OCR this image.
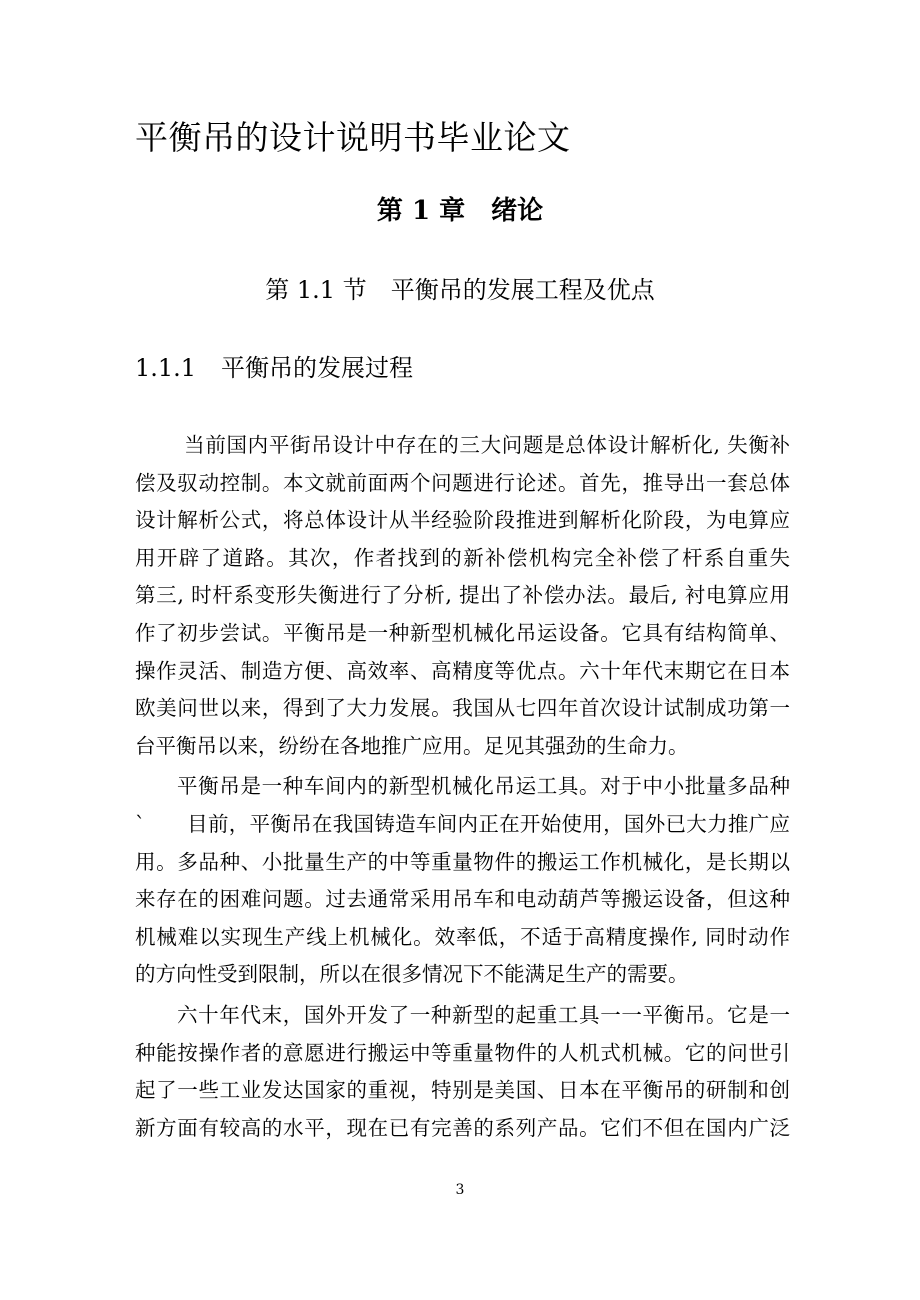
平衡吊的设计说明书毕业论文
第 1 章　绪论
第 1.1 节　平衡吊的发展工程及优点
1.1.1 平衡吊的发展过程
　当前国内平街吊设计中存在的三大问题是总体设计解析化, 失衡补
偿及驭动控制。本文就前面两个问题进行论述。首先，推导出一套总体
设计解析公式，将总体设计从半经验阶段推进到解析化阶段，为电算应
用开辟了道路。其次，作者找到的新补偿机构完全补偿了杆系自重失
第三, 时杆系变形失衡进行了分析, 提出了补偿办法。最后, 衬电算应用
作了初步尝试。平衡吊是一种新型机械化吊运设备。它具有结构简单、
操作灵活、制造方便、高效率、高精度等优点。六十年代末期它在日本
欧美问世以来，得到了大力发展。我国从七四年首次设计试制成功第一
台平衡吊以来，纷纷在各地推广应用。足见其强劲的生命力。
平衡吊是一种车间内的新型机械化吊运工具。对于中小批量多品种
`　　目前，平衡吊在我国铸造车间内正在开始使用，国外已大力推广应
用。多品种、小批量生产的中等重量物件的搬运工作机械化，是长期以
来存在的困难问题。过去通常采用吊车和电动葫芦等搬运设备，但这种
机械难以实现生产线上机械化。效率低，不适于高精度操作, 同时动作
的方向性受到限制，所以在很多情况下不能满足生产的需要。
六十年代末，国外开发了一种新型的起重工具一一平衡吊。它是一
种能按操作者的意愿进行搬运中等重量物件的人机式机械。它的问世引
起了一些工业发达国家的重视，特别是美国、日本在平衡吊的研制和创
新方面有较高的水平，现在已有完善的系列产品。它们不但在国内广泛
3
